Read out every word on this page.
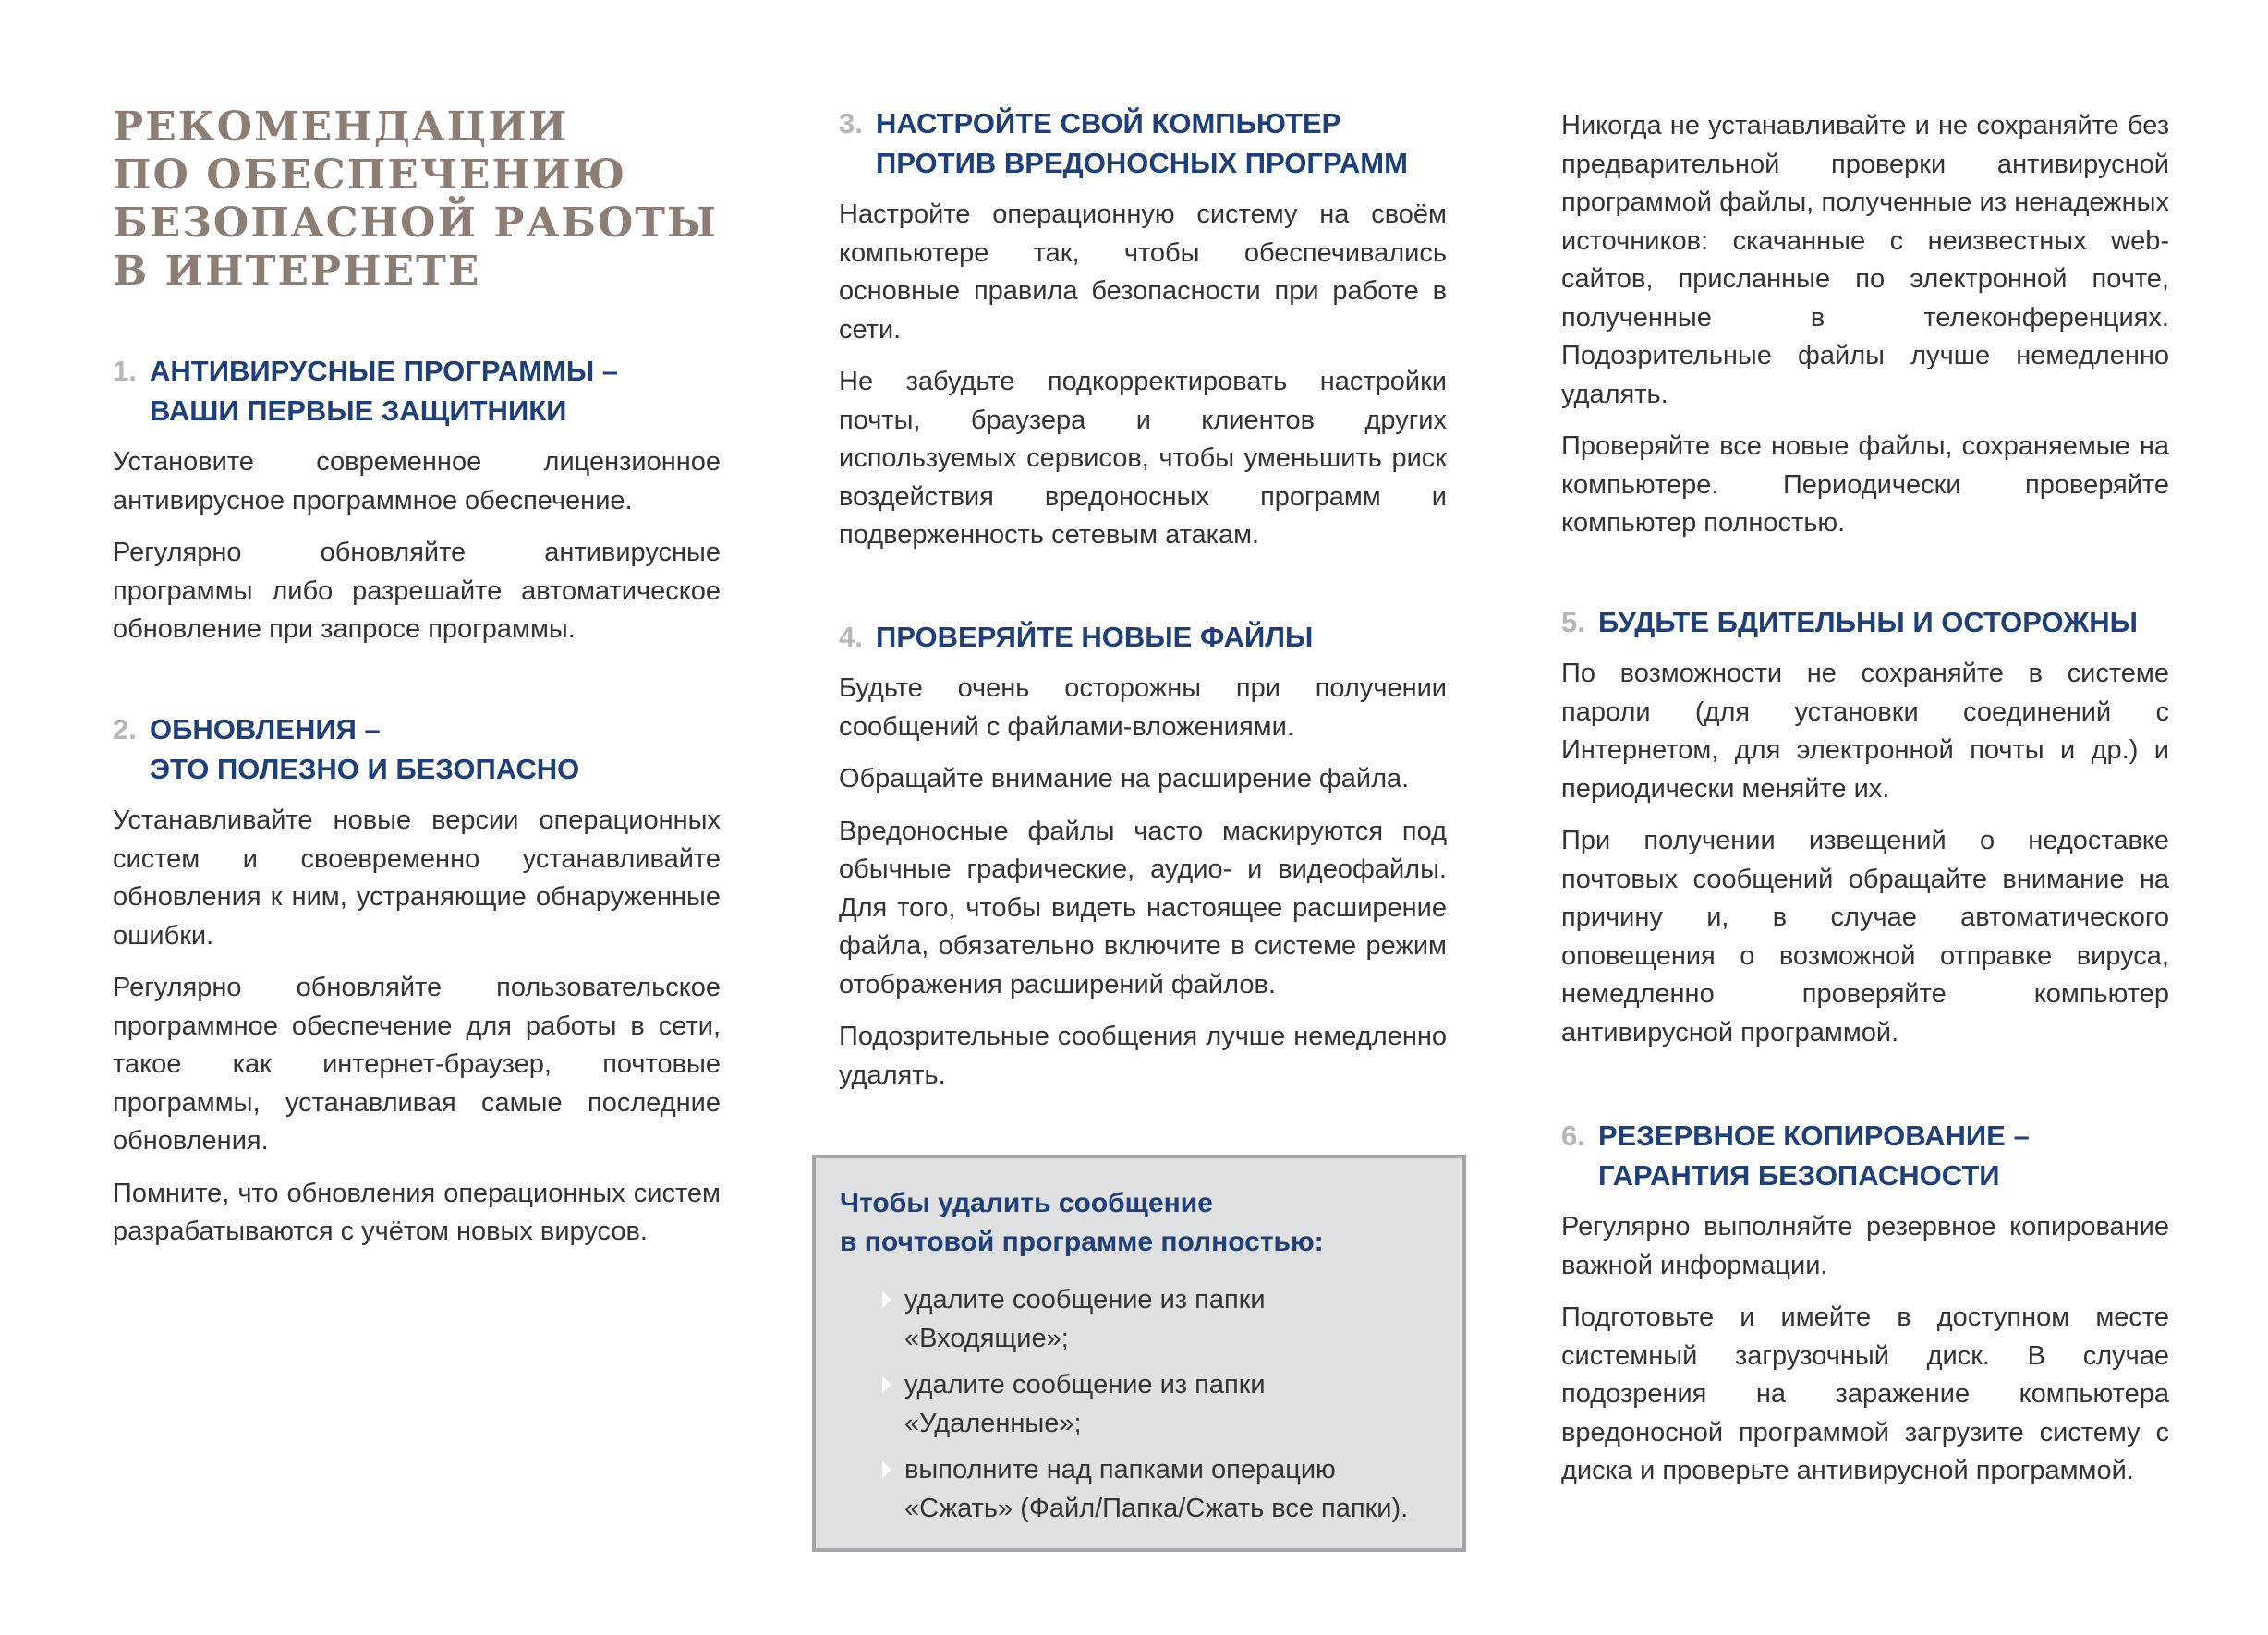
РЕКОМЕНДАЦИИ
ПО ОБЕСПЕЧЕНИЮ
БЕЗОПАСНОЙ РАБОТЫ
В ИНТЕРНЕТЕ
1. АНТИВИРУСНЫЕ ПРОГРАММЫ –
ВАШИ ПЕРВЫЕ ЗАЩИТНИКИ

Установите современное лицензионное антивирусное программное обеспечение.

Регулярно обновляйте антивирусные программы либо разрешайте автоматическое обновление при запросе программы.

2. ОБНОВЛЕНИЯ –
ЭТО ПОЛЕЗНО И БЕЗОПАСНО

Устанавливайте новые версии операционных систем и своевременно устанавливайте обновления к ним, устраняющие обнаруженные ошибки.

Регулярно обновляйте пользовательское программное обеспечение для работы в сети, такое как интернет-браузер, почтовые программы, устанавливая самые последние обновления.

Помните, что обновления операционных систем разрабатываются с учётом новых вирусов.

3. НАСТРОЙТЕ СВОЙ КОМПЬЮТЕР
ПРОТИВ ВРЕДОНОСНЫХ ПРОГРАММ

Настройте операционную систему на своём компьютере так, чтобы обеспечивались основные правила безопасности при работе в сети.

Не забудьте подкорректировать настройки почты, браузера и клиентов других используемых сервисов, чтобы уменьшить риск воздействия вредоносных программ и подверженность сетевым атакам.

4. ПРОВЕРЯЙТЕ НОВЫЕ ФАЙЛЫ

Будьте очень осторожны при получении сообщений с файлами-вложениями.

Обращайте внимание на расширение файла.

Вредоносные файлы часто маскируются под обычные графические, аудио- и видеофайлы. Для того, чтобы видеть настоящее расширение файла, обязательно включите в системе режим отображения расширений файлов.

Подозрительные сообщения лучше немедленно удалять.

Чтобы удалить сообщение
в почтовой программе полностью:
удалите сообщение из папки
«Входящие»;
удалите сообщение из папки
«Удаленные»;
выполните над папками операцию
«Сжать» (Файл/Папка/Сжать все папки).

Никогда не устанавливайте и не сохраняйте без предварительной проверки антивирусной программой файлы, полученные из ненадежных источников: скачанные с неизвестных web-сайтов, присланные по электронной почте, полученные в телеконференциях. Подозрительные файлы лучше немедленно удалять.

Проверяйте все новые файлы, сохраняемые на компьютере. Периодически проверяйте компьютер полностью.

5. БУДЬТЕ БДИТЕЛЬНЫ И ОСТОРОЖНЫ

По возможности не сохраняйте в системе пароли (для установки соединений с Интернетом, для электронной почты и др.) и периодически меняйте их.

При получении извещений о недоставке почтовых сообщений обращайте внимание на причину и, в случае автоматического оповещения о возможной отправке вируса, немедленно проверяйте компьютер антивирусной программой.

6. РЕЗЕРВНОЕ КОПИРОВАНИЕ –
ГАРАНТИЯ БЕЗОПАСНОСТИ

Регулярно выполняйте резервное копирование важной информации.

Подготовьте и имейте в доступном месте системный загрузочный диск. В случае подозрения на заражение компьютера вредоносной программой загрузите систему с диска и проверьте антивирусной программой.
